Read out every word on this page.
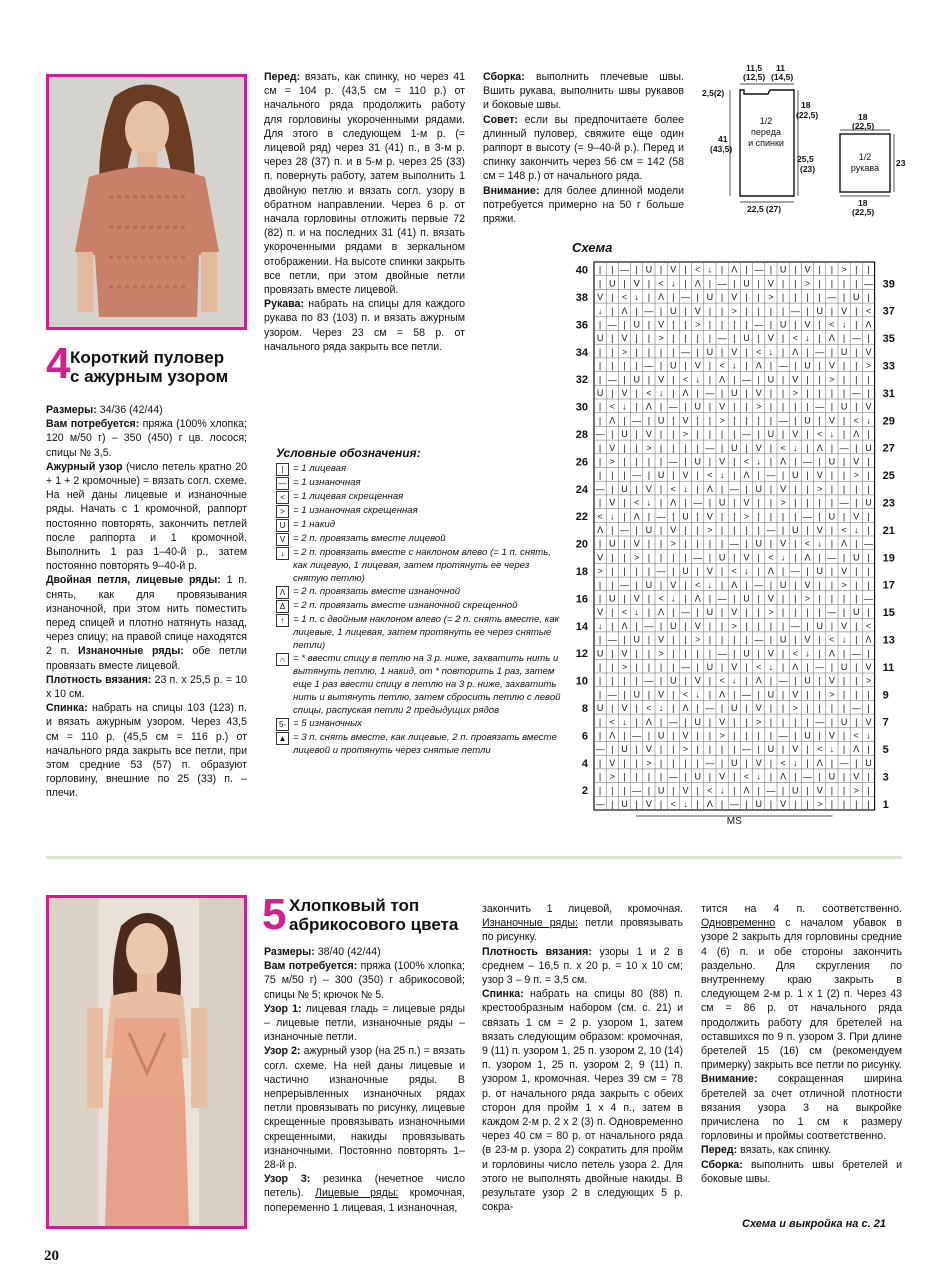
4 Короткий пуловер
с ажурным узором

Размеры: 34/36 (42/44)

Вам потребуется: пряжа (100% хлопка; 120 м/50 г) – 350 (450) г цв. лосося; спицы № 3,5.

Ажурный узор (число петель кратно 20 + 1 + 2 кромочные) = вязать согл. схеме. На ней даны лицевые и изнаночные ряды. Начать с 1 кромочной, раппорт постоянно повторять, закончить петлей после раппорта и 1 кромочной. Выполнить 1 раз 1–40-й р., затем постоянно повторять 9–40-й р.

Двойная петля, лицевые ряды: 1 п. снять, как для провязывания изнаночной, при этом нить поместить перед спицей и плотно натянуть назад, через спицу; на правой спице находятся 2 п. Изнаночные ряды: обе петли провязать вместе лицевой.

Плотность вязания: 23 п. х 25,5 р. = 10 х 10 см.

Спинка: набрать на спицы 103 (123) п. и вязать ажурным узором. Через 43,5 см = 110 р. (45,5 см = 116 р.) от начального ряда закрыть все петли, при этом средние 53 (57) п. образуют горловину, внешние по 25 (33) п. – плечи.

Перед: вязать, как спинку, но через 41 см = 104 р. (43,5 см = 110 р.) от начального ряда продолжить работу для горловины укороченными рядами. Для этого в следующем 1-м р. (= лицевой ряд) через 31 (41) п., в 3-м р. через 28 (37) п. и в 5-м р. через 25 (33) п. повернуть работу, затем выполнить 1 двойную петлю и вязать согл. узору в обратном направлении. Через 6 р. от начала горловины отложить первые 72 (82) п. и на последних 31 (41) п. вязать укороченными рядами в зеркальном отображении. На высоте спинки закрыть все петли, при этом двойные петли провязать вместе лицевой.

Рукава: набрать на спицы для каждого рукава по 83 (103) п. и вязать ажурным узором. Через 23 см = 58 р. от начального ряда закрыть все петли.

Сборка: выполнить плечевые швы. Вшить рукава, выполнить швы рукавов и боковые швы.

Совет: если вы предпочитаете более длинный пуловер, свяжите еще один раппорт в высоту (= 9–40-й р.). Перед и спинку закончить через 56 см = 142 (58 см = 148 р.) от начального ряда.

Внимание: для более длинной модели потребуется примерно на 50 г больше пряжи.

Условные обозначения:
| = 1 лицевая
— = 1 изнаночная
< = 1 лицевая скрещенная
> = 1 изнаночная скрещенная
U = 1 накид
V = 2 п. провязать вместе лицевой
↓ = 2 п. провязать вместе с наклоном влево (= 1 п. снять, как лицевую, 1 лицевая, затем протянуть ее через снятую петлю)
Λ = 2 п. провязать вместе изнаночной
Δ = 2 п. провязать вместе изнаночной скрещенной
↑ = 1 п. с двойным наклоном влево (= 2 п. снять вместе, как лицевые, 1 лицевая, затем протянуть ее через снятые петли)
∩ = * ввести спицу в петлю на 3 р. ниже, захватить нить и вытянуть петлю, 1 накид, от * повторить 1 раз, затем еще 1 раз ввести спицу в петлю на 3 р. ниже, захватить нить и вытянуть петлю, затем сбросить петлю с левой спицы, распуская петли 2 предыдущих рядов
5- = 5 изнаночных
▲ = 3 п. снять вместе, как лицевые, 2 п. провязать вместе лицевой и протянуть через снятые петли
11,5
(12,5)
11
(14,5)
2,5(2)
41
(43,5)
18
(22,5)
25,5
(23)
22,5 (27)
18
(22,5)
23
18
(22,5)
1/2
переда
и спинки
1/2
рукава
Схема
| | — | U | V | < ↓ | Λ | — | U | V | | > | |
| U | V | < ↓ | Λ | — | U | V | | > | | | | —
V | < ↓ | Λ | — | U | V | | > | | | | — | U |
↓ | Λ | — | U | V | | > | | | | — | U | V | <
| — | U | V | | > | | | | — | U | V | < ↓ | Λ
U | V | | > | | | | — | U | V | < ↓ | Λ | — |
| | > | | | | — | U | V | < ↓ | Λ | — | U | V
| | | | — | U | V | < ↓ | Λ | — | U | V | | >
| — | U | V | < ↓ | Λ | — | U | V | | > | | |
U | V | < ↓ | Λ | — | U | V | | > | | | | — |
| < ↓ | Λ | — | U | V | | > | | | | — | U | V
| Λ | — | U | V | | > | | | | — | U | V | < ↓
— | U | V | | > | | | | — | U | V | < ↓ | Λ |
| V | | > | | | | — | U | V | < ↓ | Λ | — | U
| > | | | | — | U | V | < ↓ | Λ | — | U | V |
| | | — | U | V | < ↓ | Λ | — | U | V | | > |
— | U | V | < ↓ | Λ | — | U | V | | > | | | |
| V | < ↓ | Λ | — | U | V | | > | | | | — | U
< ↓ | Λ | — | U | V | | > | | | | — | U | V |
Λ | — | U | V | | > | | | | — | U | V | < ↓ |
| U | V | | > | | | | — | U | V | < ↓ | Λ | —
V | | > | | | | — | U | V | < ↓ | Λ | — | U |
> | | | | — | U | V | < ↓ | Λ | — | U | V | |
| | — | U | V | < ↓ | Λ | — | U | V | | > | |
| U | V | < ↓ | Λ | — | U | V | | > | | | | —
V | < ↓ | Λ | — | U | V | | > | | | | — | U |
↓ | Λ | — | U | V | | > | | | | — | U | V | <
| — | U | V | | > | | | | — | U | V | < ↓ | Λ
U | V | | > | | | | — | U | V | < ↓ | Λ | — |
| | > | | | | — | U | V | < ↓ | Λ | — | U | V
| | | | — | U | V | < ↓ | Λ | — | U | V | | >
| — | U | V | < ↓ | Λ | — | U | V | | > | | |
U | V | < ↓ | Λ | — | U | V | | > | | | | — |
| < ↓ | Λ | — | U | V | | > | | | | — | U | V
| Λ | — | U | V | | > | | | | — | U | V | < ↓
— | U | V | | > | | | | — | U | V | < ↓ | Λ |
| V | | > | | | | — | U | V | < ↓ | Λ | — | U
| > | | | | — | U | V | < ↓ | Λ | — | U | V |
| | | — | U | V | < ↓ | Λ | — | U | V | | > |
— | U | V | < ↓ | Λ | — | U | V | | > | | | |
40
38
36
34
32
30
28
26
24
22
20
18
16
14
12
10
8
6
4
2
39
37
35
33
31
29
27
25
23
21
19
17
15
13
11
9
7
5
3
1
MS
5 Хлопковый топ
абрикосового цвета

Размеры: 38/40 (42/44)

Вам потребуется: пряжа (100% хлопка; 75 м/50 г) – 300 (350) г абрикосовой; спицы № 5; крючок № 5.

Узор 1: лицевая гладь = лицевые ряды – лицевые петли, изнаночные ряды – изнаночные петли.

Узор 2: ажурный узор (на 25 п.) = вязать согл. схеме. На ней даны лицевые и частично изнаночные ряды. В непрерывленных изнаночных рядах петли провязывать по рисунку, лицевые скрещенные провязывать изнаночными скрещенными, накиды провязывать изнаночными. Постоянно повторять 1–28-й р.

Узор 3: резинка (нечетное число петель). Лицевые ряды: кромочная, попеременно 1 лицевая, 1 изнаночная,

закончить 1 лицевой, кромочная. Изнаночные ряды: петли провязывать по рисунку.

Плотность вязания: узоры 1 и 2 в среднем – 16,5 п. х 20 р. = 10 х 10 см; узор 3 – 9 п. = 3,5 см.

Спинка: набрать на спицы 80 (88) п. крестообразным набором (см. с. 21) и связать 1 см = 2 р. узором 1, затем вязать следующим образом: кромочная, 9 (11) п. узором 1, 25 п. узором 2, 10 (14) п. узором 1, 25 п. узором 2, 9 (11) п. узором 1, кромочная. Через 39 см = 78 р. от начального ряда закрыть с обеих сторон для пройм 1 х 4 п., затем в каждом 2-м р. 2 х 2 (3) п. Одновременно через 40 см = 80 р. от начального ряда (в 23-м р. узора 2) сократить для пройм и горловины число петель узора 2. Для этого не выполнять двойные накиды. В результате узор 2 в следующих 5 р. сокра-

тится на 4 п. соответственно. Одновременно с началом убавок в узоре 2 закрыть для горловины средние 4 (6) п. и обе стороны закончить раздельно. Для скругления по внутреннему краю закрыть в следующем 2-м р. 1 х 1 (2) п. Через 43 см = 86 р. от начального ряда продолжить работу для бретелей на оставшихся по 9 п. узором 3. При длине бретелей 15 (16) см (рекомендуем примерку) закрыть все петли по рисунку.

Внимание: сокращенная ширина бретелей за счет отличной плотности вязания узора 3 на выкройке причислена по 1 см к размеру горловины и проймы соответственно.

Перед: вязать, как спинку.

Сборка: выполнить швы бретелей и боковые швы.

Схема и выкройка на с. 21
20
